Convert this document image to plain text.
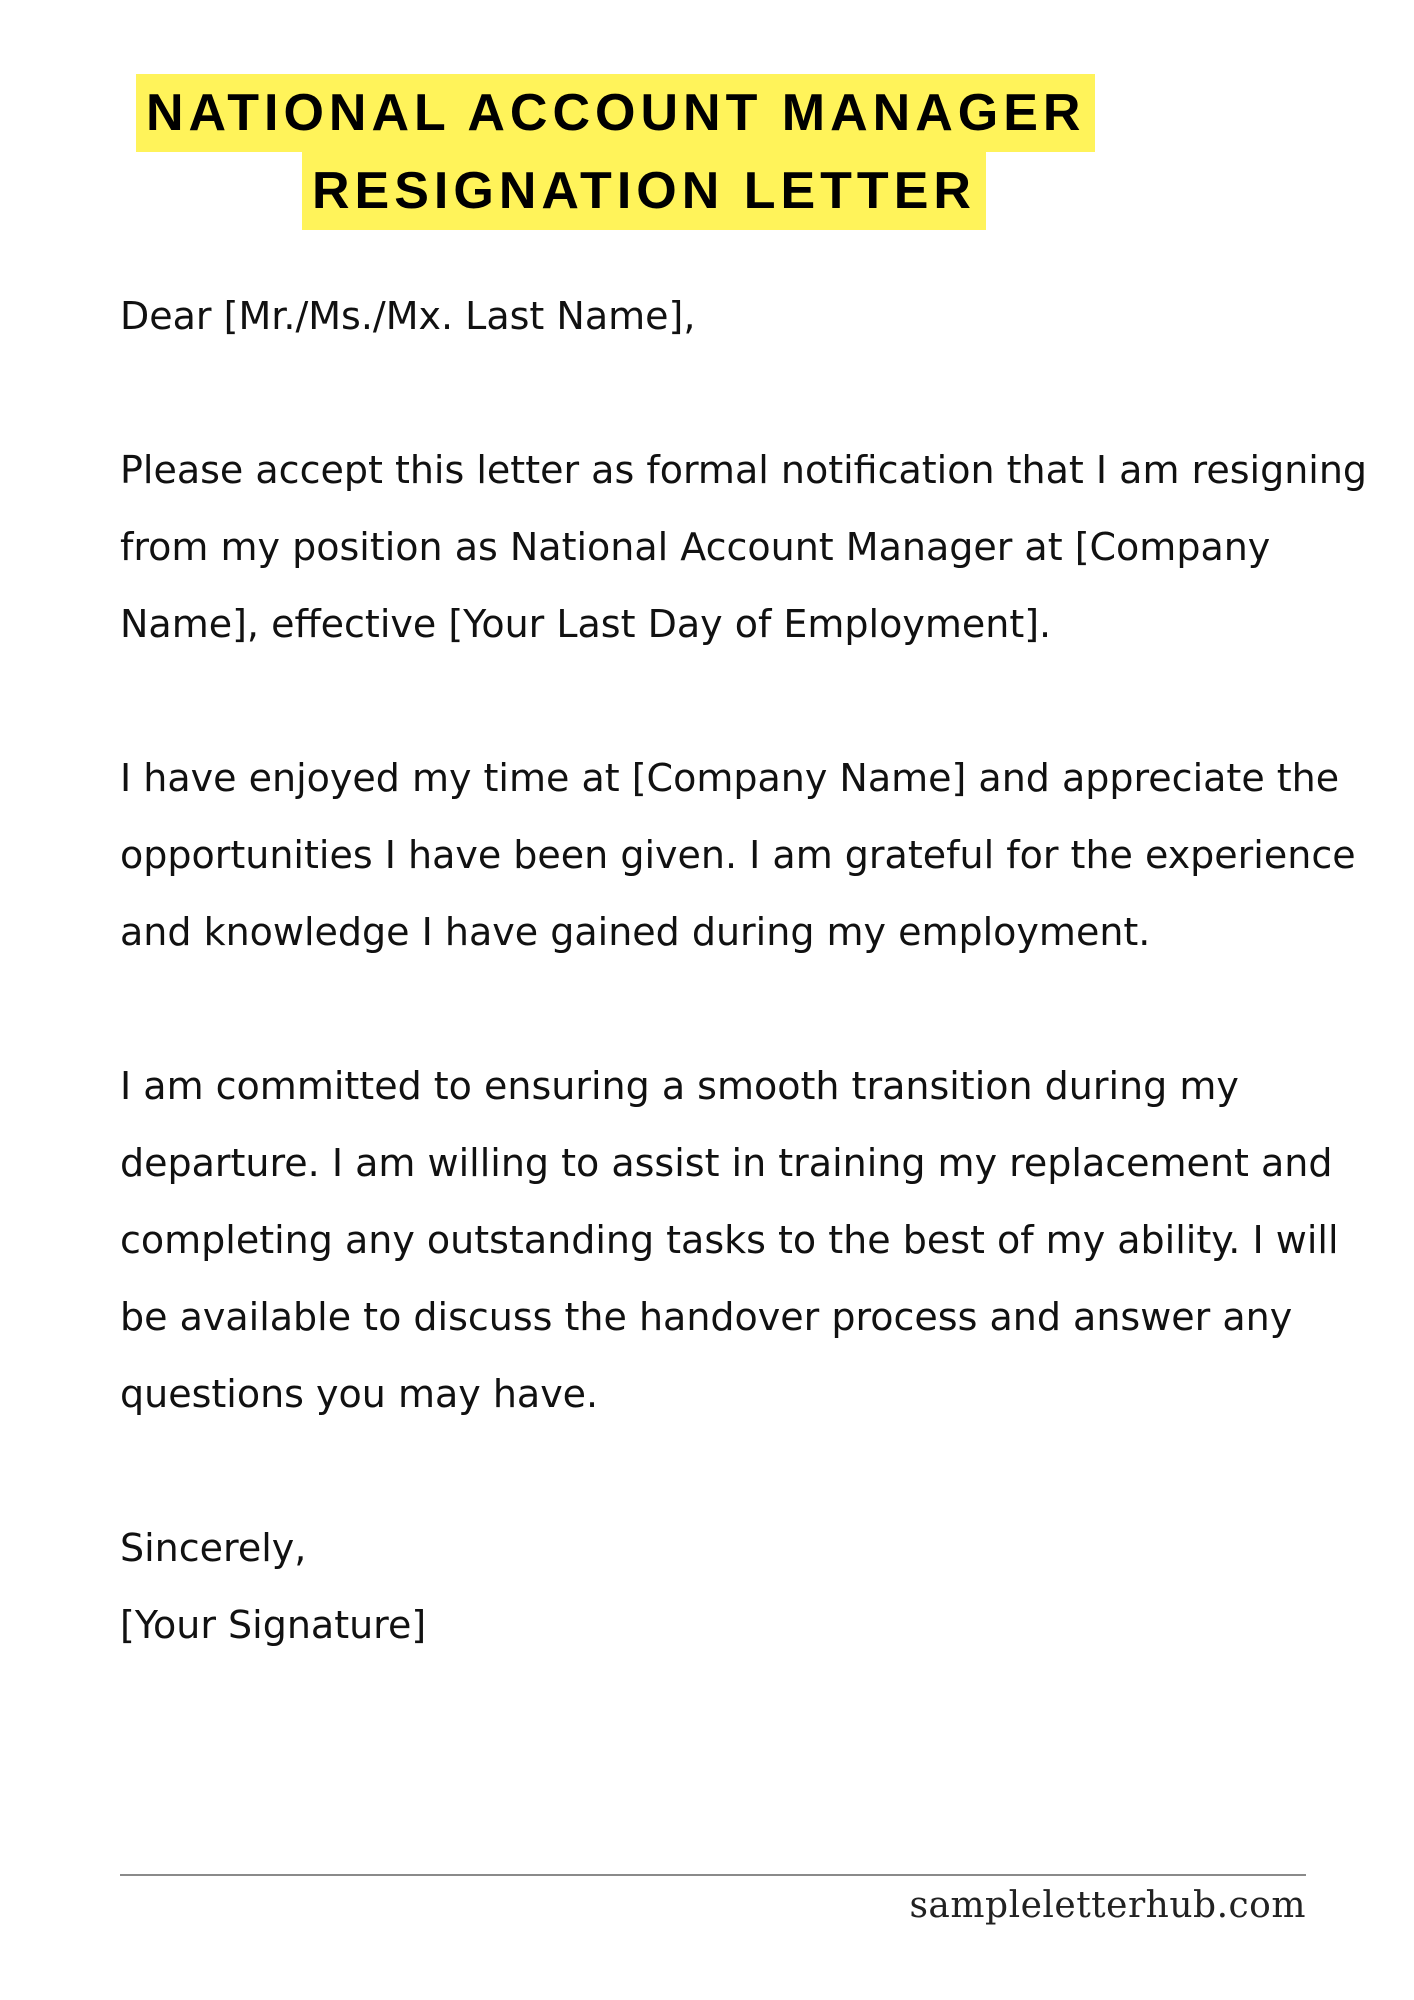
NATIONAL ACCOUNT MANAGER
RESIGNATION LETTER

Dear [Mr./Ms./Mx. Last Name],

Please accept this letter as formal notification that I am resigning from my position as National Account Manager at [Company Name], effective [Your Last Day of Employment].

I have enjoyed my time at [Company Name] and appreciate the opportunities I have been given. I am grateful for the experience and knowledge I have gained during my employment.

I am committed to ensuring a smooth transition during my departure. I am willing to assist in training my replacement and completing any outstanding tasks to the best of my ability. I will be available to discuss the handover process and answer any questions you may have.

Sincerely,

[Your Signature]

sampleletterhub.com
